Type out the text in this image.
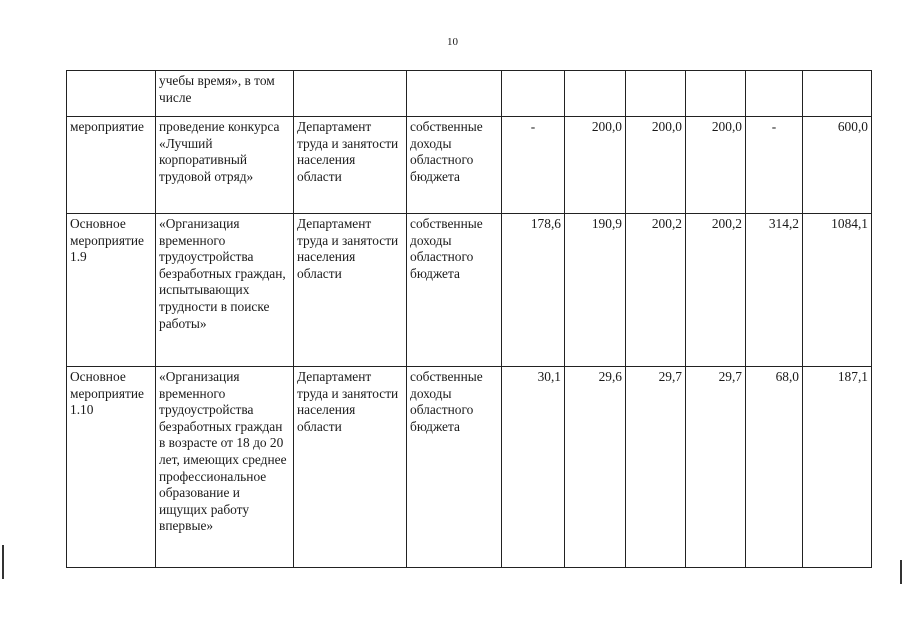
10
	учебы время», в том числе								
мероприятие	проведение конкурса «Лучший корпоративный трудовой отряд»	Департамент труда и занятости населения области	собственные доходы областного бюджета	-	200,0	200,0	200,0	-	600,0
Основное мероприятие 1.9	«Организация временного трудоустройства безработных граждан, испытывающих трудности в поиске работы»	Департамент труда и занятости населения области	собственные доходы областного бюджета	178,6	190,9	200,2	200,2	314,2	1084,1
Основное мероприятие 1.10	«Организация временного трудоустройства безработных граждан в возрасте от 18 до 20 лет, имеющих среднее профессиональное образование и ищущих работу впервые»	Департамент труда и занятости населения области	собственные доходы областного бюджета	30,1	29,6	29,7	29,7	68,0	187,1
